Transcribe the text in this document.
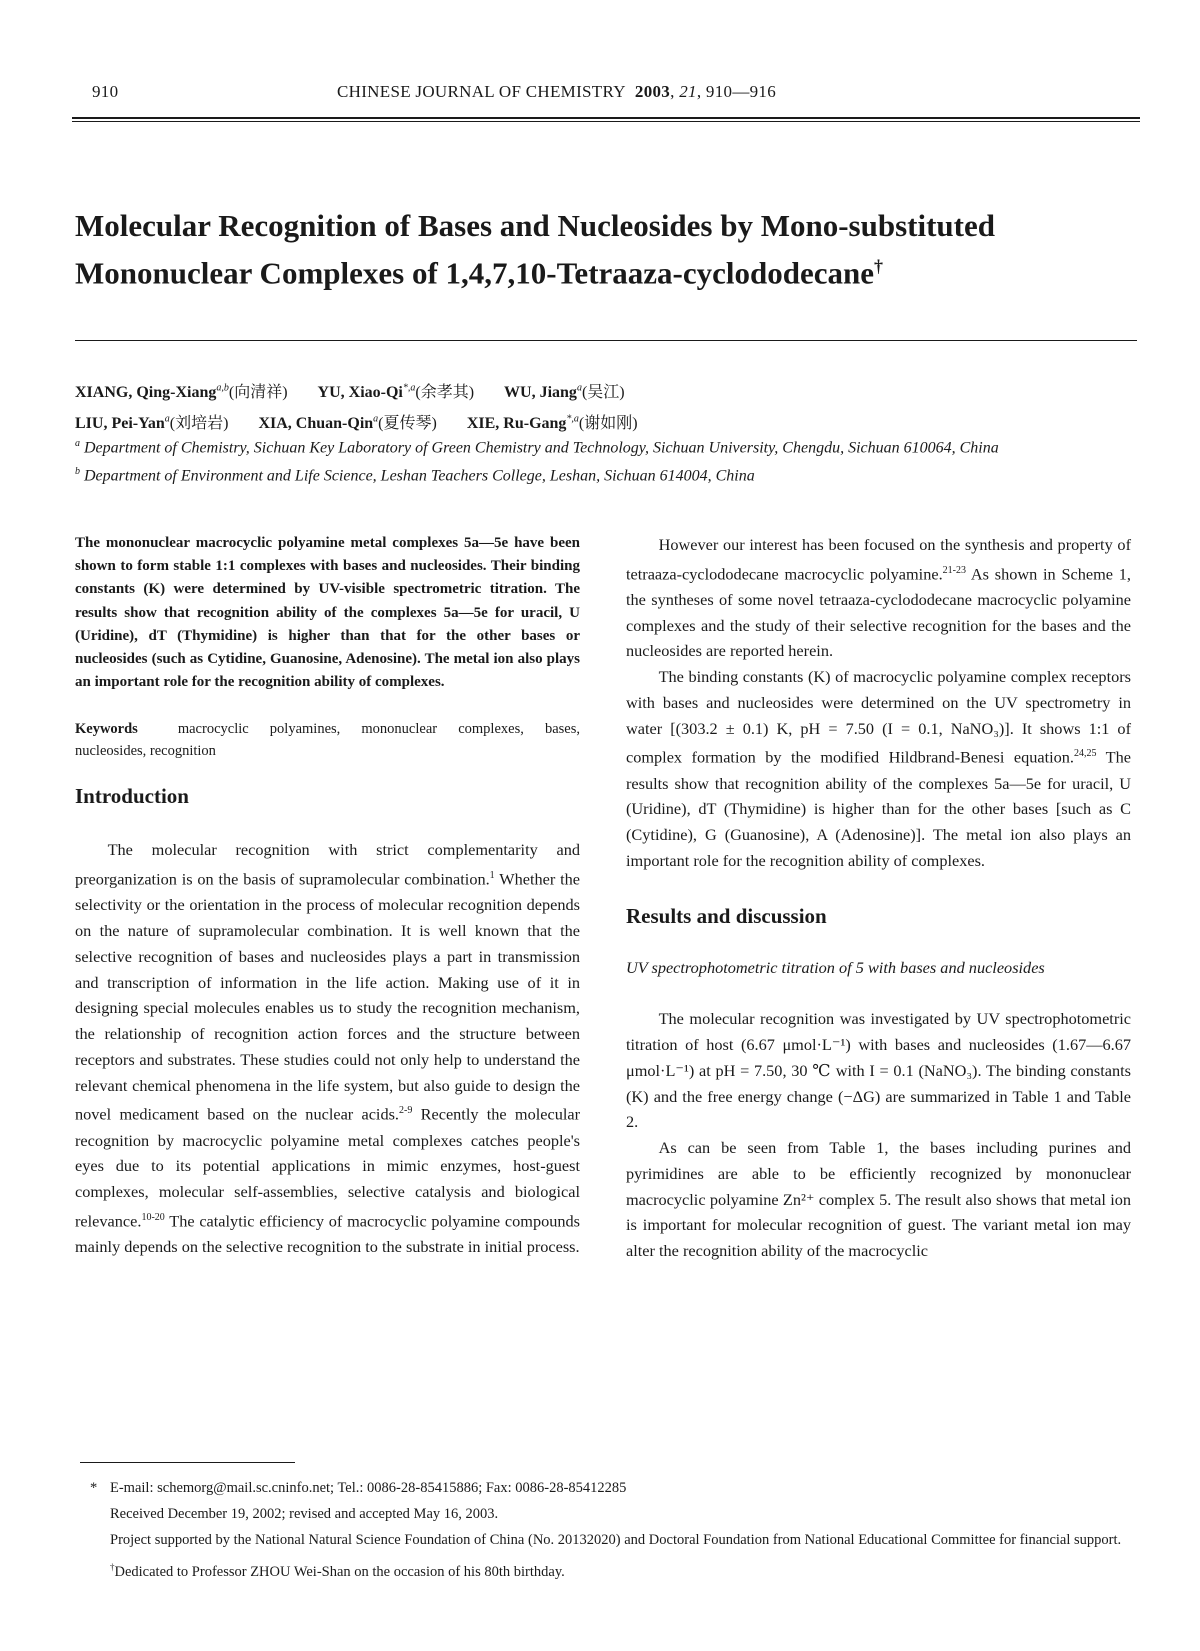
910	CHINESE JOURNAL OF CHEMISTRY 2003, 21, 910—916
Molecular Recognition of Bases and Nucleosides by Mono-substituted
Mononuclear Complexes of 1,4,7,10-Tetraaza-cyclododecane†
XIANG, Qing-Xiang$^{a,b}$(向清祥) YU, Xiao-$Qi^{*,a}$(余孝其) WU, Jiang$^a$(吴江)
LIU, Pei-Yan$^a$(刘培岩) XIA, Chuan-Qin$^a$(夏传琴) XIE, Ru-Gang$^{*,a}$(谢如刚)

$^a$ Department of Chemistry, Sichuan Key Laboratory of Green Chemistry and Technology, Sichuan University, Chengdu, Sichuan 610064, China

$^b$ Department of Environment and Life Science, Leshan Teachers College, Leshan, Sichuan 614004, China

The mononuclear macrocyclic polyamine metal complexes 5a—5e have been shown to form stable 1:1 complexes with bases and nucleosides. Their binding constants (K) were determined by UV-visible spectrometric titration. The results show that recognition ability of the complexes 5a—5e for uracil, U (Uridine), dT (Thymidine) is higher than that for the other bases or nucleosides (such as Cytidine, Guanosine, Adenosine). The metal ion also plays an important role for the recognition ability of complexes.

Keywords	macrocyclic polyamines, mononuclear complexes, bases, nucleosides, recognition

Introduction

The molecular recognition with strict complementarity and preorganization is on the basis of supramolecular combination.$^1$ Whether the selectivity or the orientation in the process of molecular recognition depends on the nature of supramolecular combination. It is well known that the selective recognition of bases and nucleosides plays a part in transmission and transcription of information in the life action. Making use of it in designing special molecules enables us to study the recognition mechanism, the relationship of recognition action forces and the structure between receptors and substrates. These studies could not only help to understand the relevant chemical phenomena in the life system, but also guide to design the novel medicament based on the nuclear acids.$^{2-9}$ Recently the molecular recognition by macrocyclic polyamine metal complexes catches people's eyes due to its potential applications in mimic enzymes, host-guest complexes, molecular self-assemblies, selective catalysis and biological relevance.$^{10-20}$ The catalytic efficiency of macrocyclic polyamine compounds mainly depends on the selective recognition to the substrate in initial process.

However our interest has been focused on the synthesis and property of tetraaza-cyclododecane macrocyclic polyamine.$^{21-23}$ As shown in Scheme 1, the syntheses of some novel tetraaza-cyclododecane macrocyclic polyamine complexes and the study of their selective recognition for the bases and the nucleosides are reported herein.

The binding constants (K) of macrocyclic polyamine complex receptors with bases and nucleosides were determined on the UV spectrometry in water [(303.2 ± 0.1) K, pH = 7.50 (I = 0.1, NaNO₃)]. It shows 1:1 of complex formation by the modified Hildbrand-Benesi equation.$^{24,25}$ The results show that recognition ability of the complexes 5a—5e for uracil, U (Uridine), dT (Thymidine) is higher than for the other bases [such as C (Cytidine), G (Guanosine), A (Adenosine)]. The metal ion also plays an important role for the recognition ability of complexes.

Results and discussion

UV spectrophotometric titration of 5 with bases and nucleosides

The molecular recognition was investigated by UV spectrophotometric titration of host (6.67 μmol·L⁻¹) with bases and nucleosides (1.67—6.67 μmol·L⁻¹) at pH = 7.50, 30 ℃ with I = 0.1 (NaNO₃). The binding constants (K) and the free energy change (−ΔG) are summarized in Table 1 and Table 2.

As can be seen from Table 1, the bases including purines and pyrimidines are able to be efficiently recognized by mononuclear macrocyclic polyamine Zn²⁺ complex 5. The result also shows that metal ion is important for molecular recognition of guest. The variant metal ion may alter the recognition ability of the macrocyclic

* E-mail: schemorg@mail.sc.cninfo.net; Tel.: 0086-28-85415886; Fax: 0086-28-85412285

Received December 19, 2002; revised and accepted May 16, 2003.

Project supported by the National Natural Science Foundation of China (No. 20132020) and Doctoral Foundation from National Educational Committee for financial support.

†Dedicated to Professor ZHOU Wei-Shan on the occasion of his 80th birthday.
